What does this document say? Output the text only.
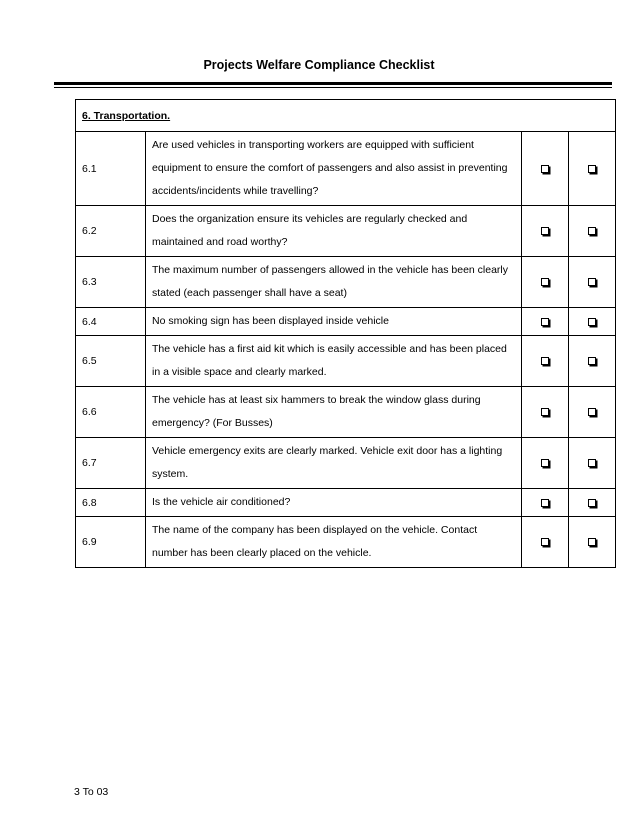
Projects Welfare Compliance Checklist
6. Transportation.			
6.1	Are used vehicles in transporting workers are equipped with sufficient equipment to ensure the comfort of passengers and also assist in preventing accidents/incidents while travelling?		
6.2	Does the organization ensure its vehicles are regularly checked and maintained and road worthy?		
6.3	The maximum number of passengers allowed in the vehicle has been clearly stated (each passenger shall have a seat)		
6.4	No smoking sign has been displayed inside vehicle		
6.5	The vehicle has a first aid kit which is easily accessible and has been placed in a visible space and clearly marked.		
6.6	The vehicle has at least six hammers to break the window glass during emergency? (For Busses)		
6.7	Vehicle emergency exits are clearly marked. Vehicle exit door has a lighting system.		
6.8	Is the vehicle air conditioned?		
6.9	The name of the company has been displayed on the vehicle. Contact number has been clearly placed on the vehicle.		
3 To 03
